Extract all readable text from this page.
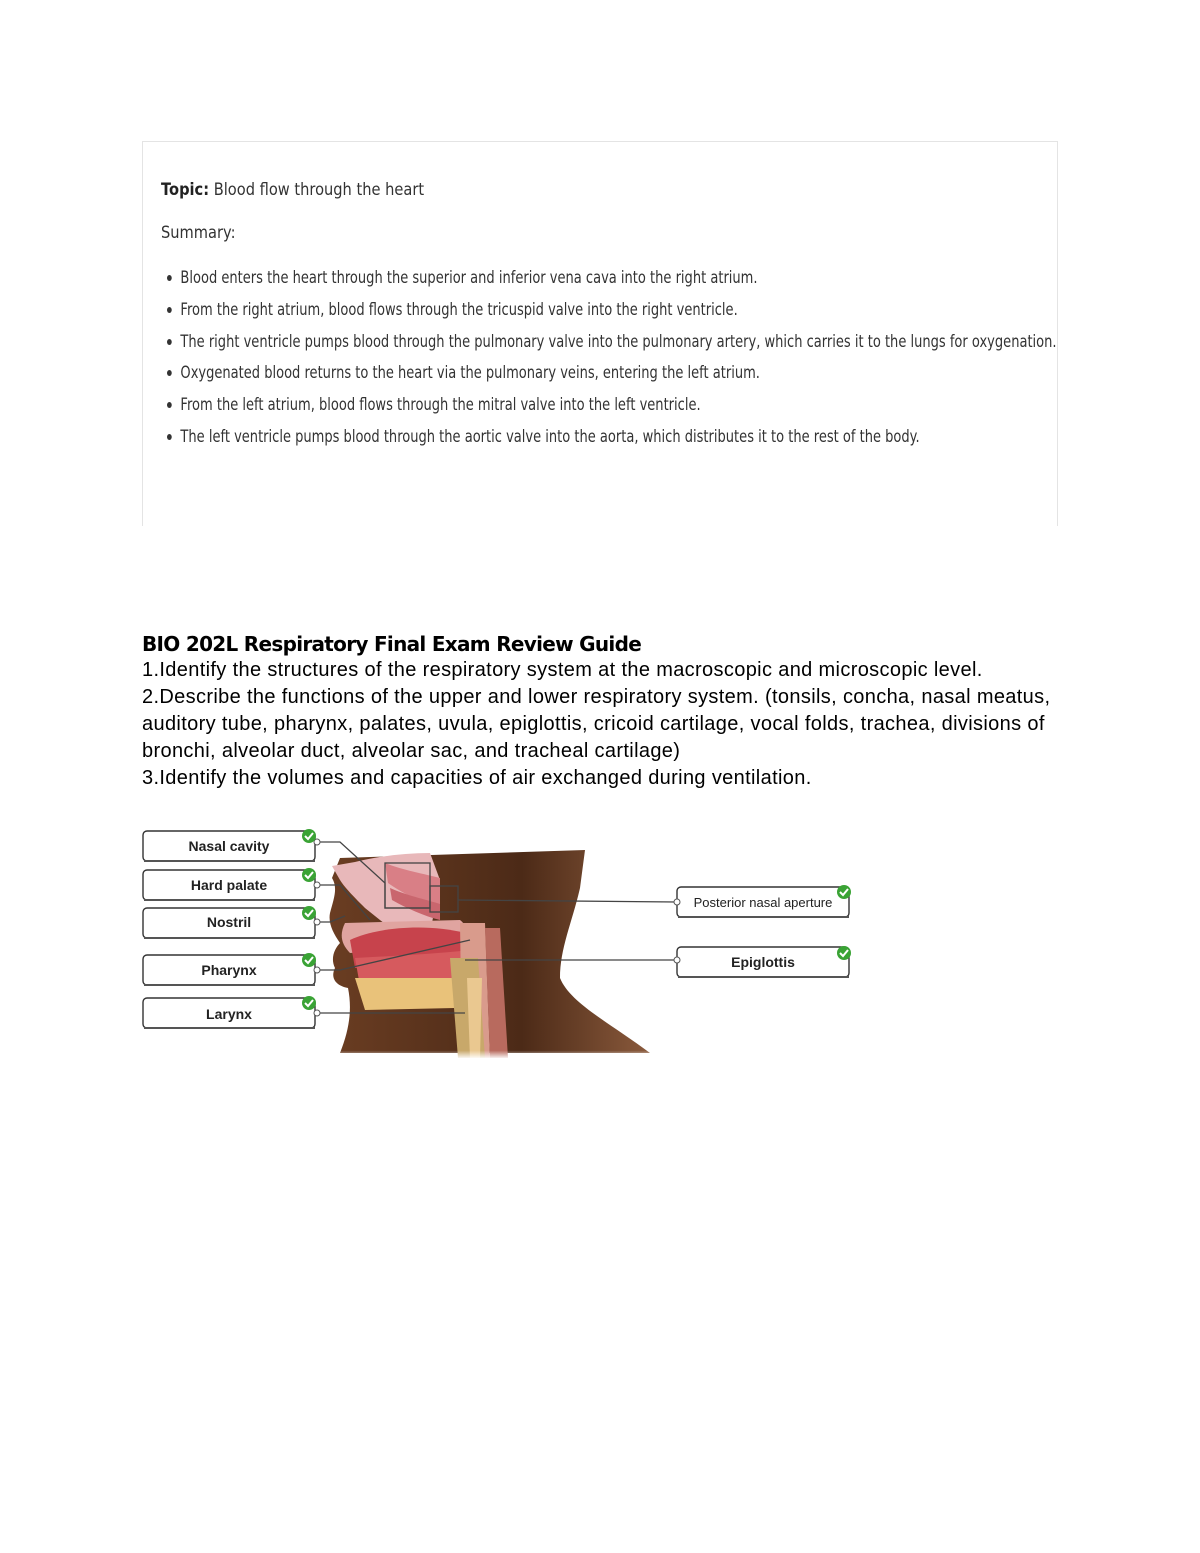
Topic: Blood flow through the heart
Summary:
Blood enters the heart through the superior and inferior vena cava into the right atrium.
From the right atrium, blood flows through the tricuspid valve into the right ventricle.
The right ventricle pumps blood through the pulmonary valve into the pulmonary artery, which carries it to the lungs for oxygenation.
Oxygenated blood returns to the heart via the pulmonary veins, entering the left atrium.
From the left atrium, blood flows through the mitral valve into the left ventricle.
The left ventricle pumps blood through the aortic valve into the aorta, which distributes it to the rest of the body.
BIO 202L Respiratory Final Exam Review Guide

1.Identify the structures of the respiratory system at the macroscopic and microscopic level.

2.Describe the functions of the upper and lower respiratory system. (tonsils, concha, nasal meatus, auditory tube, pharynx, palates, uvula, epiglottis, cricoid cartilage, vocal folds, trachea, divisions of bronchi, alveolar duct, alveolar sac, and tracheal cartilage)

3.Identify the volumes and capacities of air exchanged during ventilation.

Nasal cavity
Hard palate
Nostril
Pharynx
Larynx
Posterior nasal aperture
Epiglottis
